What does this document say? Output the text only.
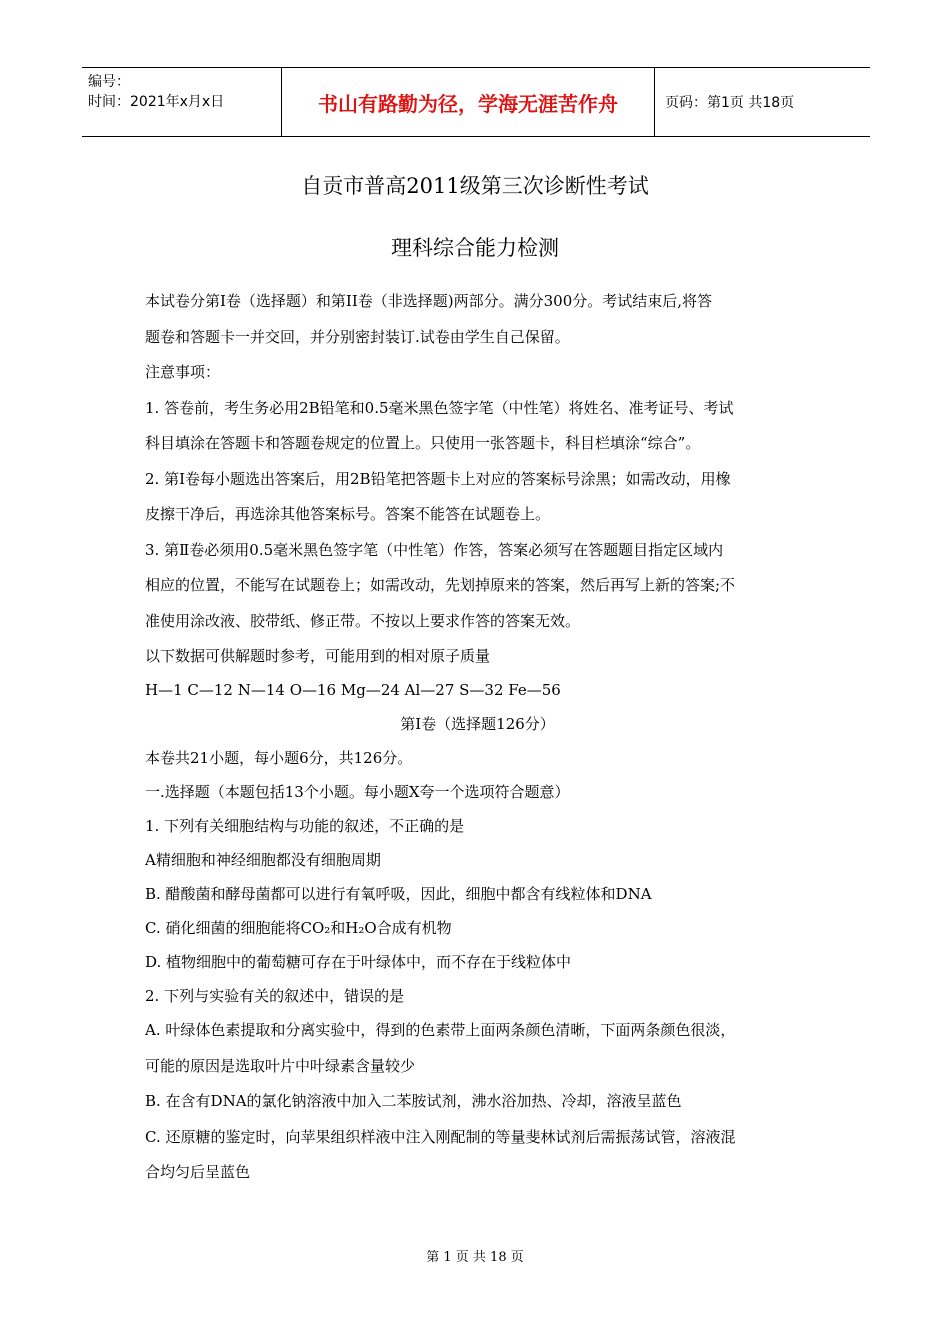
编号：
时间：2021年x月x日	书山有路勤为径，学海无涯苦作舟	页码：第1页 共18页
自贡市普高2011级第三次诊断性考试
理科综合能力检测

本试卷分第Ⅰ卷（选择题）和第II卷（非选择题)两部分。满分300分。考试结束后,将答

题卷和答题卡一并交回，并分别密封装订.试卷由学生自己保留。

注意事项：

1. 答卷前，考生务必用2B铅笔和0.5毫米黑色签字笔（中性笔）将姓名、准考证号、考试

科目填涂在答题卡和答题卷规定的位置上。只使用一张答题卡，科目栏填涂“综合”。

2. 第Ⅰ卷每小题选出答案后，用2B铅笔把答题卡上对应的答案标号涂黑；如需改动，用橡

皮擦干净后，再选涂其他答案标号。答案不能答在试题卷上。

3. 第Ⅱ卷必须用0.5毫米黑色签字笔（中性笔）作答，答案必须写在答题题目指定区域内

相应的位置，不能写在试题卷上；如需改动，先划掉原来的答案，然后再写上新的答案;不

准使用涂改液、胶带纸、修正带。不按以上要求作答的答案无效。

以下数据可供解题时参考，可能用到的相对原子质量

H—1 C—12 N—14 O—16 Mg—24 Al—27 S—32 Fe—56

第Ⅰ卷（选择题126分）

本卷共21小题，每小题6分，共126分。

一.选择题（本题包括13个小题。每小题X夸一个选项符合题意）

1. 下列有关细胞结构与功能的叙述，不正确的是

A精细胞和神经细胞都没有细胞周期

B. 醋酸菌和酵母菌都可以进行有氧呼吸，因此，细胞中都含有线粒体和DNA

C. 硝化细菌的细胞能将CO₂和H₂O合成有机物

D. 植物细胞中的葡萄糖可存在于叶绿体中，而不存在于线粒体中

2. 下列与实验有关的叙述中，错误的是

A. 叶绿体色素提取和分离实验中，得到的色素带上面两条颜色清晰，下面两条颜色很淡，

可能的原因是选取叶片中叶绿素含量较少

B. 在含有DNA的氯化钠溶液中加入二苯胺试剂，沸水浴加热、冷却，溶液呈蓝色

C. 还原糖的鉴定时，向苹果组织样液中注入刚配制的等量斐林试剂后需振荡试管，溶液混

合均匀后呈蓝色

第 1 页 共 18 页
